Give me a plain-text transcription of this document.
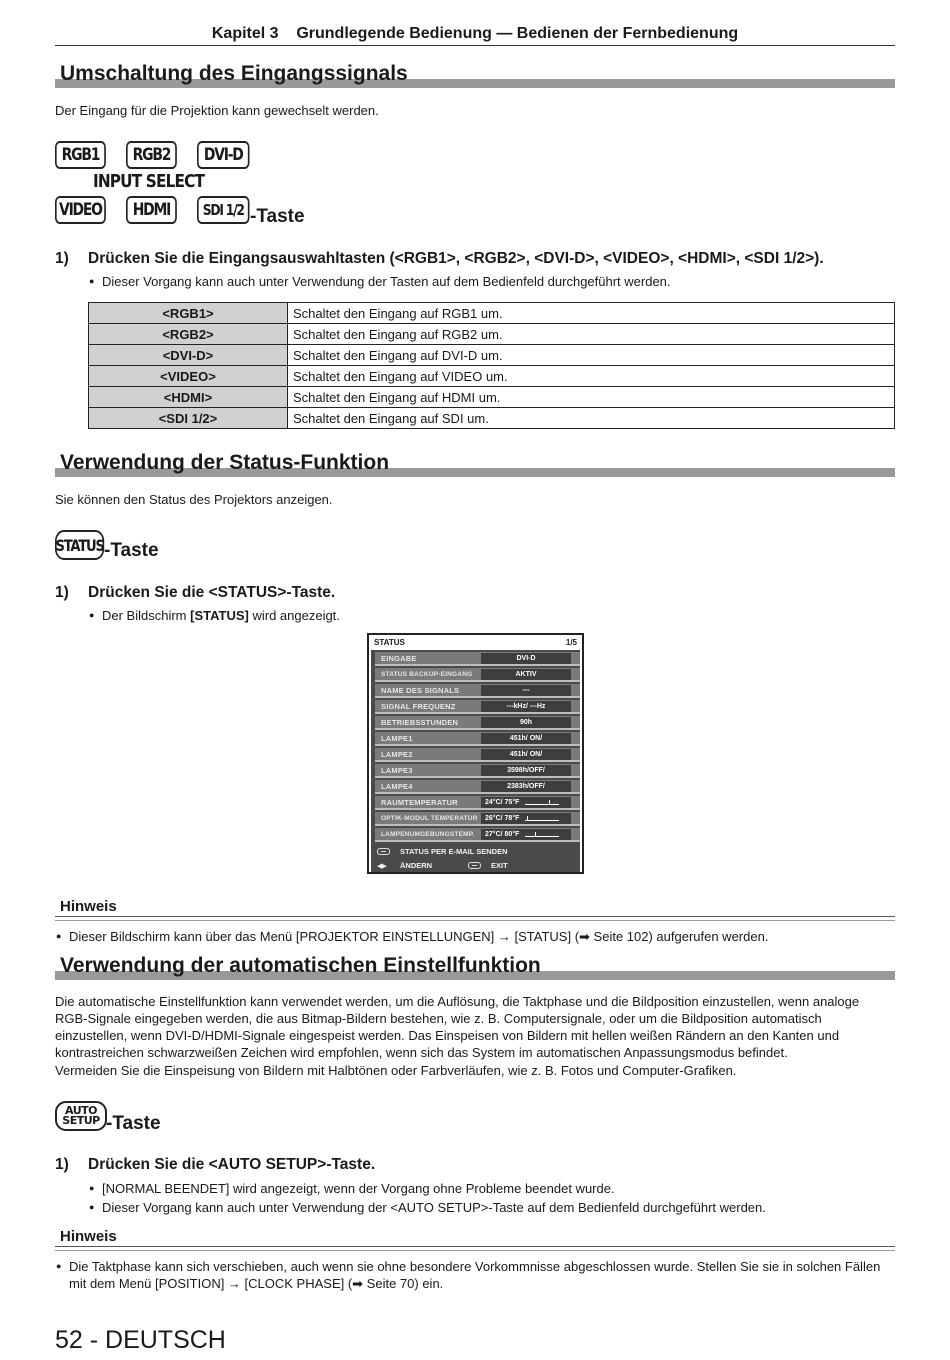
Kapitel 3    Grundlegende Bedienung — Bedienen der Fernbedienung
Umschaltung des Eingangssignals
Der Eingang für die Projektion kann gewechselt werden.
RGB1	RGB2	DVI-D
INPUT SELECT
VIDEO	HDMI	SDI 1/2 -Taste
1) Drücken Sie die Eingangsauswahltasten (<RGB1>, <RGB2>, <DVI-D>, <VIDEO>, <HDMI>, <SDI 1/2>).
● Dieser Vorgang kann auch unter Verwendung der Tasten auf dem Bedienfeld durchgeführt werden.
<RGB1>	Schaltet den Eingang auf RGB1 um.
<RGB2>	Schaltet den Eingang auf RGB2 um.
<DVI-D>	Schaltet den Eingang auf DVI-D um.
<VIDEO>	Schaltet den Eingang auf VIDEO um.
<HDMI>	Schaltet den Eingang auf HDMI um.
<SDI 1/2>	Schaltet den Eingang auf SDI um.
Verwendung der Status-Funktion
Sie können den Status des Projektors anzeigen.
STATUS -Taste
1) Drücken Sie die <STATUS>-Taste.
● Der Bildschirm [STATUS] wird angezeigt.
STATUS	1/5
EINGABE	DVI-D
STATUS BACKUP-EINGANG	AKTIV
NAME DES SIGNALS	---
SIGNAL FREQUENZ	---kHz/ ---Hz
BETRIEBSSTUNDEN	90h
LAMPE1	451h/ ON/
LAMPE2	451h/ ON/
LAMPE3	3598h/OFF/
LAMPE4	2383h/OFF/
RAUMTEMPERATUR	24°C/ 75°F
OPTIK-MODUL TEMPERATUR	26°C/ 78°F
LAMPENUMGEBUNGSTEMP.	27°C/ 80°F
STATUS PER E-MAIL SENDEN
◀▶	ÄNDERN	EXIT
Hinweis
● Dieser Bildschirm kann über das Menü [PROJEKTOR EINSTELLUNGEN] → [STATUS] (➡ Seite 102) aufgerufen werden.
Verwendung der automatischen Einstellfunktion
Die automatische Einstellfunktion kann verwendet werden, um die Auflösung, die Taktphase und die Bildposition einzustellen, wenn analoge RGB-Signale eingegeben werden, die aus Bitmap-Bildern bestehen, wie z. B. Computersignale, oder um die Bildposition automatisch einzustellen, wenn DVI-D/HDMI-Signale eingespeist werden. Das Einspeisen von Bildern mit hellen weißen Rändern an den Kanten und kontrastreichen schwarzweißen Zeichen wird empfohlen, wenn sich das System im automatischen Anpassungsmodus befindet.
Vermeiden Sie die Einspeisung von Bildern mit Halbtönen oder Farbverläufen, wie z. B. Fotos und Computer-Grafiken.
AUTO
SETUP -Taste
1) Drücken Sie die <AUTO SETUP>-Taste.
● [NORMAL BEENDET] wird angezeigt, wenn der Vorgang ohne Probleme beendet wurde.
● Dieser Vorgang kann auch unter Verwendung der <AUTO SETUP>-Taste auf dem Bedienfeld durchgeführt werden.
Hinweis
● Die Taktphase kann sich verschieben, auch wenn sie ohne besondere Vorkommnisse abgeschlossen wurde. Stellen Sie sie in solchen Fällen mit dem Menü [POSITION] → [CLOCK PHASE] (➡ Seite 70) ein.
52 - DEUTSCH
